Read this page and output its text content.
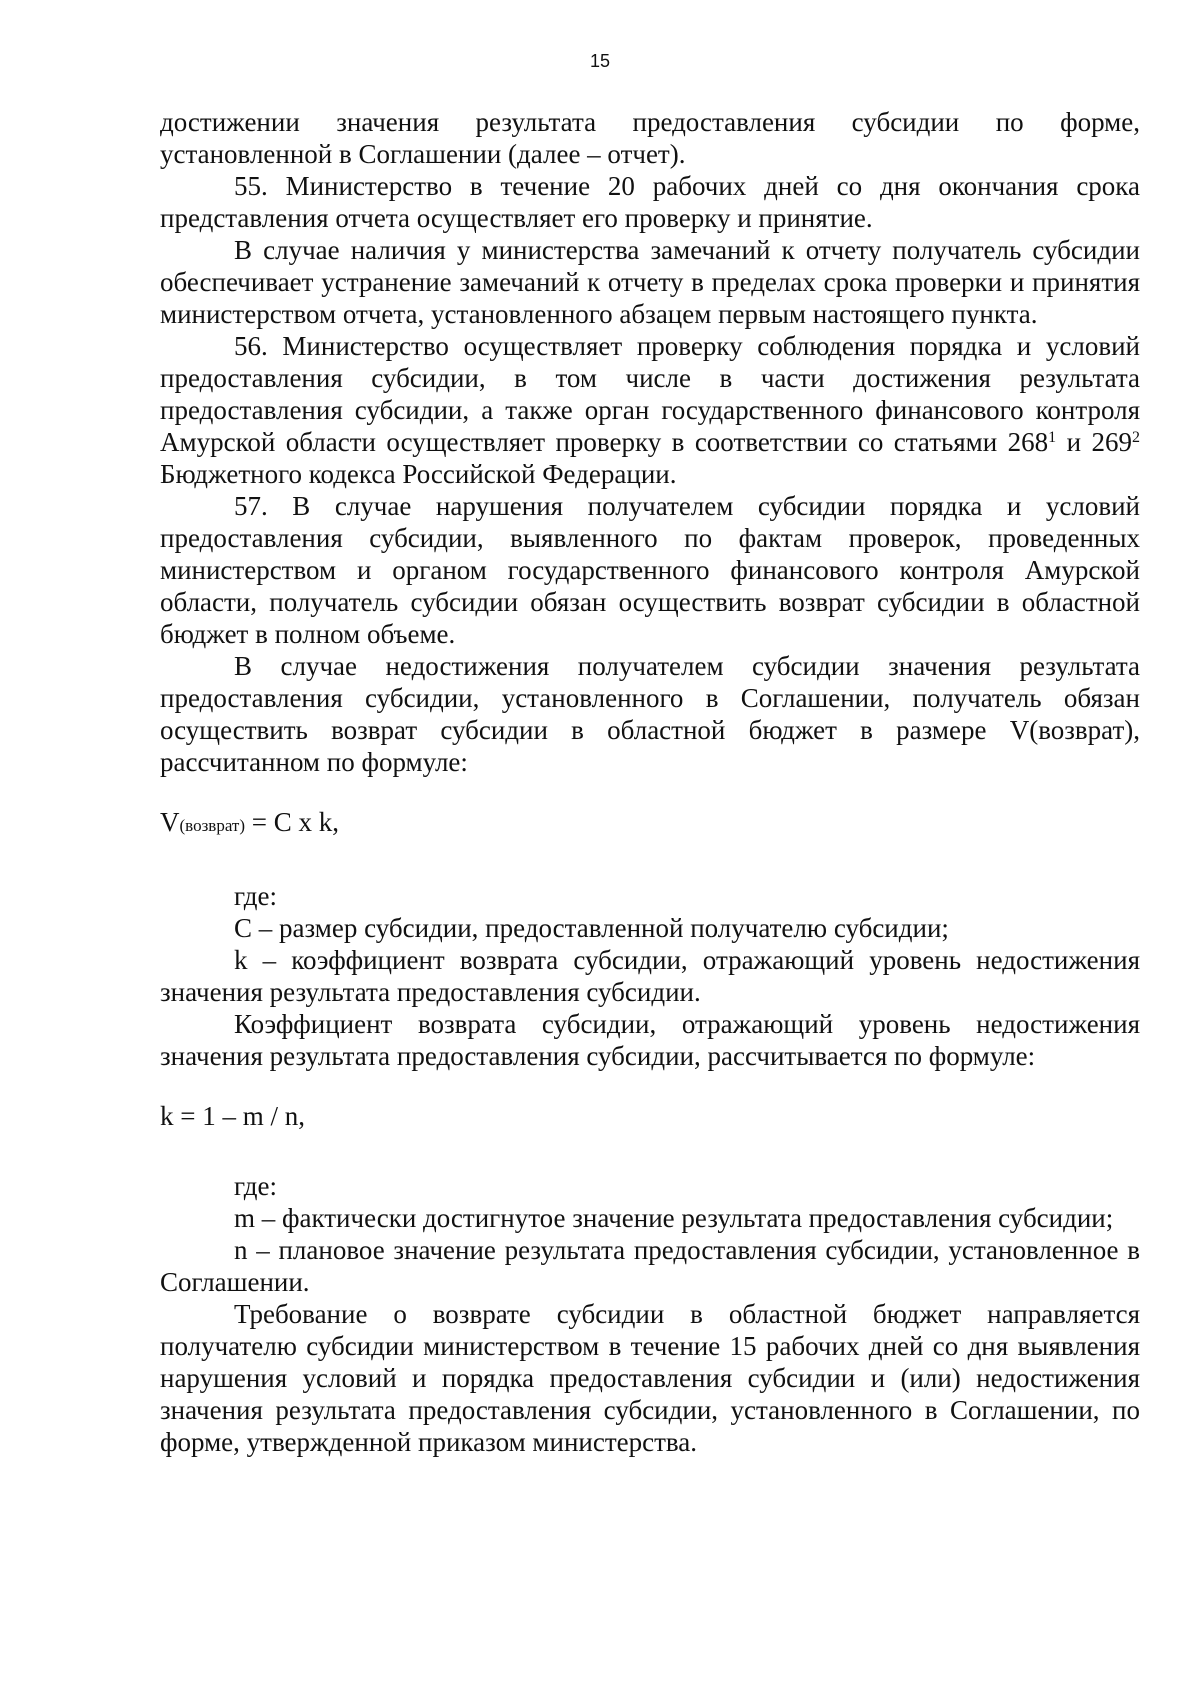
15

достижении значения результата предоставления субсидии по форме, установленной в Соглашении (далее – отчет).

55. Министерство в течение 20 рабочих дней со дня окончания срока представления отчета осуществляет его проверку и принятие.

В случае наличия у министерства замечаний к отчету получатель субсидии обеспечивает устранение замечаний к отчету в пределах срока проверки и принятия министерством отчета, установленного абзацем первым настоящего пункта.

56. Министерство осуществляет проверку соблюдения порядка и условий предоставления субсидии, в том числе в части достижения результата предоставления субсидии, а также орган государственного финансового контроля Амурской области осуществляет проверку в соответствии со статьями $268^1$ и $269^2$ Бюджетного кодекса Российской Федерации.

57. В случае нарушения получателем субсидии порядка и условий предоставления субсидии, выявленного по фактам проверок, проведенных министерством и органом государственного финансового контроля Амурской области, получатель субсидии обязан осуществить возврат субсидии в областной бюджет в полном объеме.

В случае недостижения получателем субсидии значения результата предоставления субсидии, установленного в Соглашении, получатель обязан осуществить возврат субсидии в областной бюджет в размере V(возврат), рассчитанном по формуле:

V(возврат) = C x k,

где:

C – размер субсидии, предоставленной получателю субсидии;

k – коэффициент возврата субсидии, отражающий уровень недостижения значения результата предоставления субсидии.

Коэффициент возврата субсидии, отражающий уровень недостижения значения результата предоставления субсидии, рассчитывается по формуле:

k = 1 – m / n,

где:

m – фактически достигнутое значение результата предоставления субсидии;

n – плановое значение результата предоставления субсидии, установленное в Соглашении.

Требование о возврате субсидии в областной бюджет направляется получателю субсидии министерством в течение 15 рабочих дней со дня выявления нарушения условий и порядка предоставления субсидии и (или) недостижения значения результата предоставления субсидии, установленного в Соглашении, по форме, утвержденной приказом министерства.
